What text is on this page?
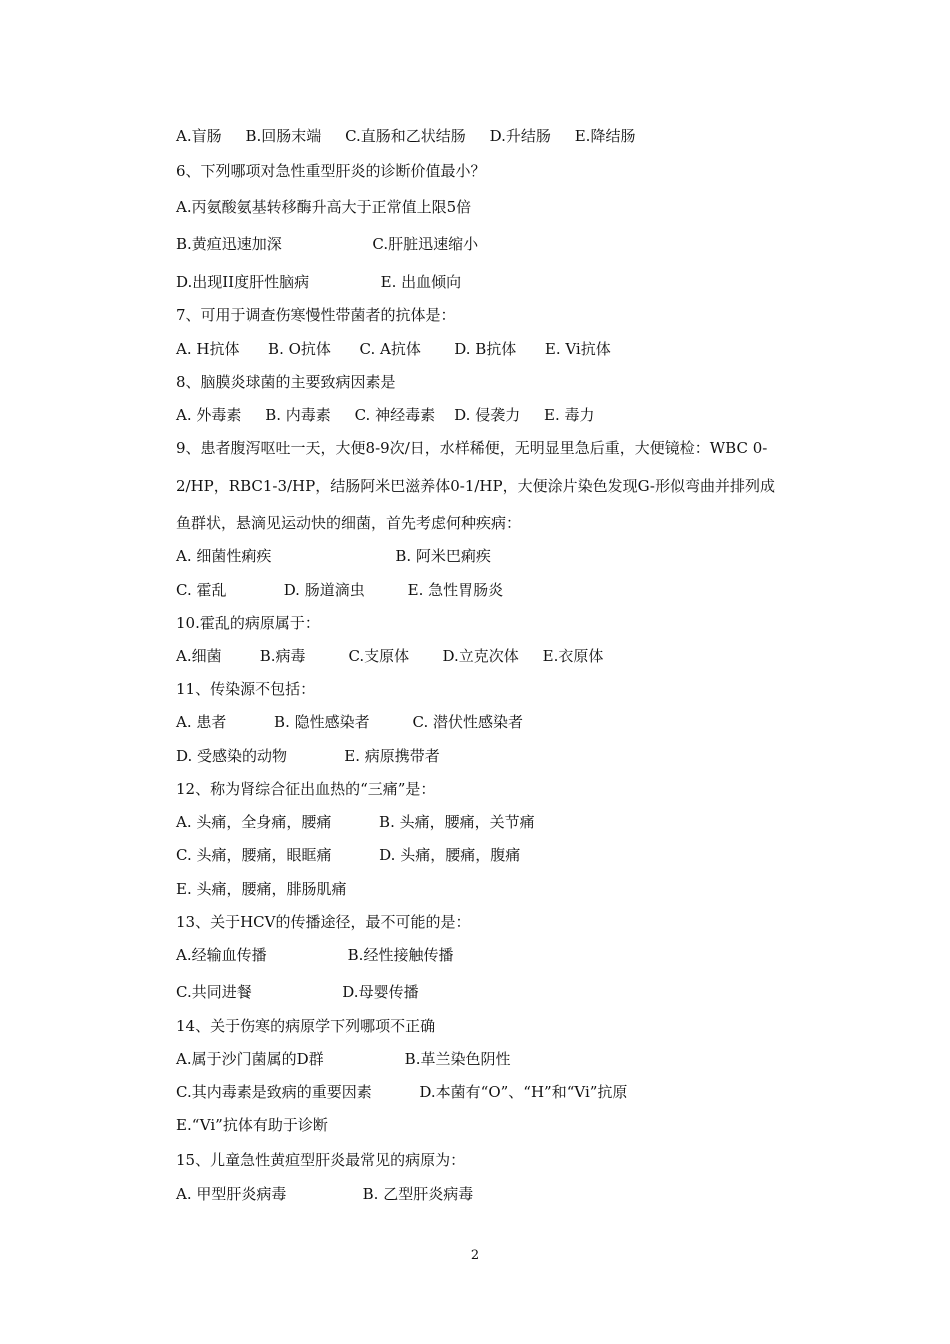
A.盲肠     B.回肠末端     C.直肠和乙状结肠     D.升结肠     E.降结肠
6、下列哪项对急性重型肝炎的诊断价值最小？
A.丙氨酸氨基转移酶升高大于正常值上限5倍
B.黄疸迅速加深                   C.肝脏迅速缩小
D.出现II度肝性脑病               E. 出血倾向
7、可用于调查伤寒慢性带菌者的抗体是：
A. H抗体      B. O抗体      C. A抗体       D. B抗体      E. Vi抗体
8、脑膜炎球菌的主要致病因素是
A. 外毒素     B. 内毒素     C. 神经毒素    D. 侵袭力     E. 毒力
9、患者腹泻呕吐一天，大便8-9次/日，水样稀便，无明显里急后重，大便镜检：WBC 0-
2/HP，RBC1-3/HP，结肠阿米巴滋养体0-1/HP，大便涂片染色发现G-形似弯曲并排列成
鱼群状，悬滴见运动快的细菌，首先考虑何种疾病：
A. 细菌性痢疾                          B. 阿米巴痢疾
C. 霍乱            D. 肠道滴虫         E. 急性胃肠炎
10.霍乱的病原属于：
A.细菌        B.病毒         C.支原体       D.立克次体     E.衣原体
11、传染源不包括：
A. 患者          B. 隐性感染者         C. 潜伏性感染者
D. 受感染的动物            E. 病原携带者
12、称为肾综合征出血热的“三痛”是：
A. 头痛，全身痛，腰痛          B. 头痛，腰痛，关节痛
C. 头痛，腰痛，眼眶痛          D. 头痛，腰痛，腹痛
E. 头痛，腰痛，腓肠肌痛
13、关于HCV的传播途径，最不可能的是：
A.经输血传播                 B.经性接触传播
C.共同进餐                   D.母婴传播
14、关于伤寒的病原学下列哪项不正确
A.属于沙门菌属的D群                 B.革兰染色阴性
C.其内毒素是致病的重要因素          D.本菌有“O”、“H”和“Vi”抗原
E.“Vi”抗体有助于诊断
15、儿童急性黄疸型肝炎最常见的病原为：
A. 甲型肝炎病毒                B. 乙型肝炎病毒
2
